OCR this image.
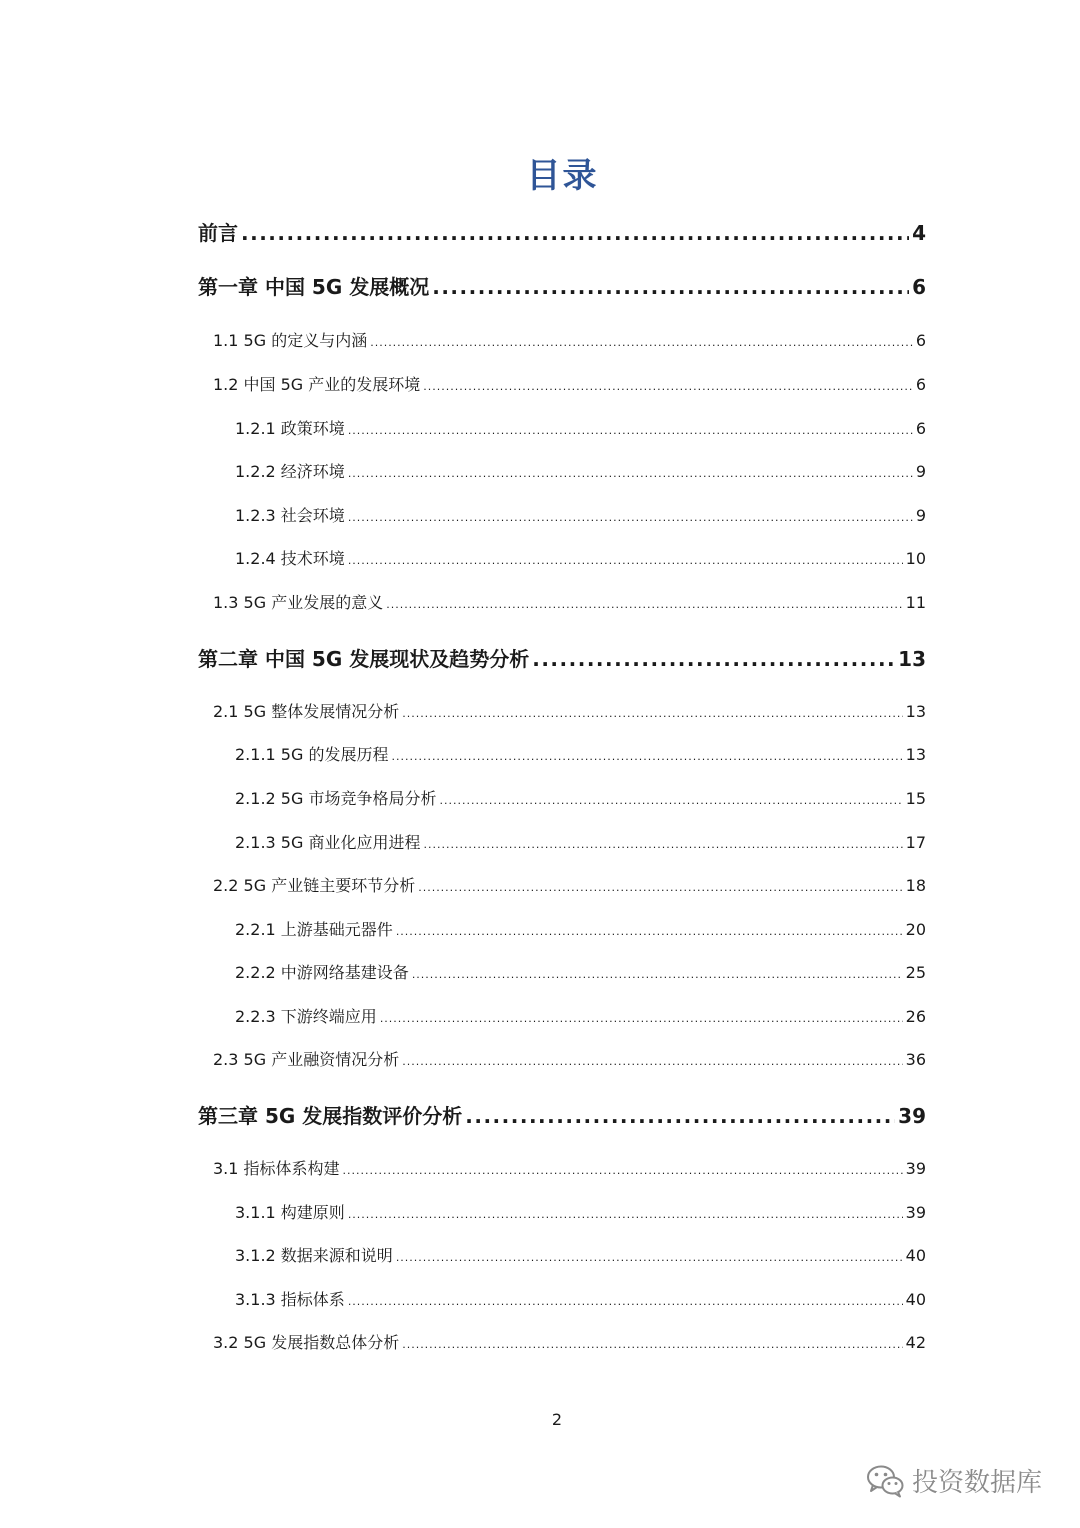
目录
前言 .....	4
第一章 中国 5G 发展概况 .....	6
1.1 5G 的定义与内涵 .....	6
1.2 中国 5G 产业的发展环境 .....	6
1.2.1 政策环境 .....	6
1.2.2 经济环境 .....	9
1.2.3 社会环境 .....	9
1.2.4 技术环境 .....	10
1.3 5G 产业发展的意义 .....	11
第二章 中国 5G 发展现状及趋势分析 .....	13
2.1 5G 整体发展情况分析 .....	13
2.1.1 5G 的发展历程 .....	13
2.1.2 5G 市场竞争格局分析 .....	15
2.1.3 5G 商业化应用进程 .....	17
2.2 5G 产业链主要环节分析 .....	18
2.2.1 上游基础元器件 .....	20
2.2.2 中游网络基建设备 .....	25
2.2.3 下游终端应用 .....	26
2.3 5G 产业融资情况分析 .....	36
第三章 5G 发展指数评价分析 .....	39
3.1 指标体系构建 .....	39
3.1.1 构建原则 .....	39
3.1.2 数据来源和说明 .....	40
3.1.3 指标体系 .....	40
3.2 5G 发展指数总体分析 .....	42
2
投资数据库
